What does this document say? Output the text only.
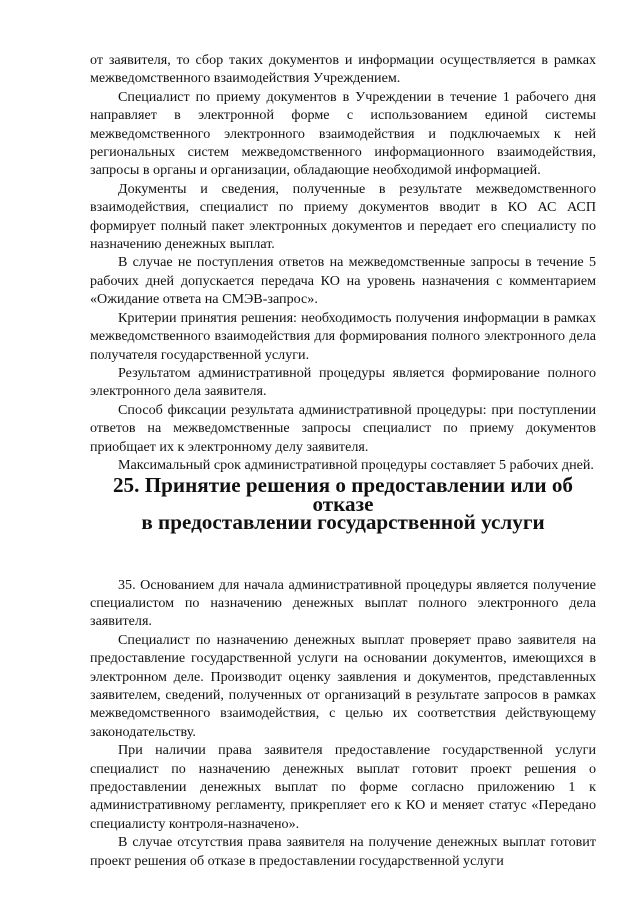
от заявителя, то сбор таких документов и информации осуществляется в рамках межведомственного взаимодействия Учреждением.

Специалист по приему документов в Учреждении в течение 1 рабочего дня направляет в электронной форме с использованием единой системы межведомственного электронного взаимодействия и подключаемых к ней региональных систем межведомственного информационного взаимодействия, запросы в органы и организации, обладающие необходимой информацией.

Документы и сведения, полученные в результате межведомственного взаимодействия, специалист по приему документов вводит в КО АС АСП формирует полный пакет электронных документов и передает его специалисту по назначению денежных выплат.

В случае не поступления ответов на межведомственные запросы в течение 5 рабочих дней допускается передача КО на уровень назначения с комментарием «Ожидание ответа на СМЭВ-запрос».

Критерии принятия решения: необходимость получения информации в рамках межведомственного взаимодействия для формирования полного электронного дела получателя государственной услуги.

Результатом административной процедуры является формирование полного электронного дела заявителя.

Способ фиксации результата административной процедуры: при поступлении ответов на межведомственные запросы специалист по приему документов приобщает их к электронному делу заявителя.

Максимальный срок административной процедуры составляет 5 рабочих дней.

25. Принятие решения о предоставлении или об отказе
в предоставлении государственной услуги

35. Основанием для начала административной процедуры является получение специалистом по назначению денежных выплат полного электронного дела заявителя.

Специалист по назначению денежных выплат проверяет право заявителя на предоставление государственной услуги на основании документов, имеющихся в электронном деле. Производит оценку заявления и документов, представленных заявителем, сведений, полученных от организаций в результате запросов в рамках межведомственного взаимодействия, с целью их соответствия действующему законодательству.

При наличии права заявителя предоставление государственной услуги специалист по назначению денежных выплат готовит проект решения о предоставлении денежных выплат по форме согласно приложению 1 к административному регламенту, прикрепляет его к КО и меняет статус «Передано специалисту контроля-назначено».

В случае отсутствия права заявителя на получение денежных выплат готовит проект решения об отказе в предоставлении государственной услуги
